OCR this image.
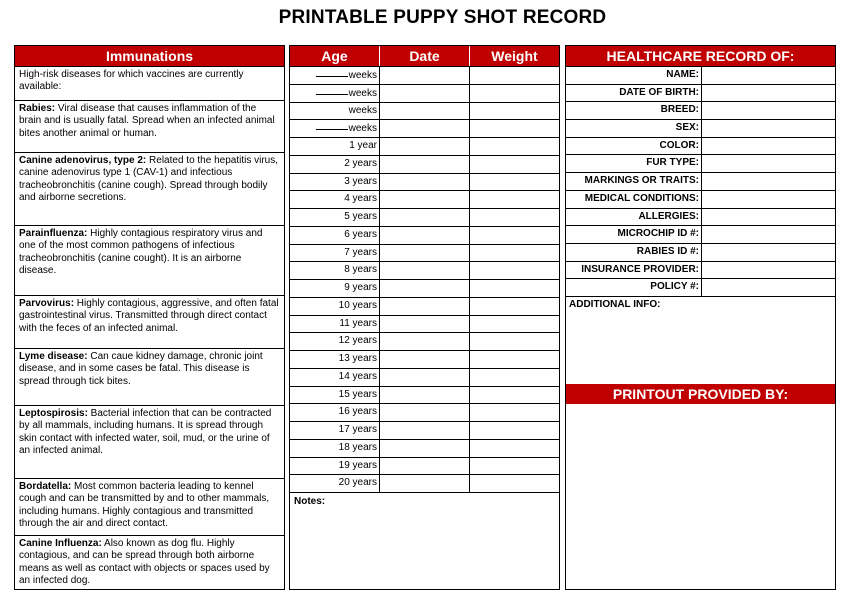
PRINTABLE PUPPY SHOT RECORD
Immunations
High-risk diseases for which vaccines are currently available:
Rabies: Viral disease that causes inflammation of the brain and is usually fatal. Spread when an infected animal bites another animal or human.
Canine adenovirus, type 2: Related to the hepatitis virus, canine adenovirus type 1 (CAV-1) and infectious tracheobronchitis (canine cough). Spread through bodily and airborne secretions.
Parainfluenza: Highly contagious respiratory virus and one of the most common pathogens of infectious tracheobronchitis (canine cought). It is an airborne disease.
Parvovirus: Highly contagious, aggressive, and often fatal gastrointestinal virus. Transmitted through direct contact with the feces of an infected animal.
Lyme disease: Can caue kidney damage, chronic joint disease, and in some cases be fatal. This disease is spread through tick bites.
Leptospirosis: Bacterial infection that can be contracted by all mammals, including humans. It is spread through skin contact with infected water, soil, mud, or the urine of an infected animal.
Bordatella: Most common bacteria leading to kennel cough and can be transmitted by and to other mammals, including humans. Highly contagious and transmitted through the air and direct contact.
Canine Influenza: Also known as dog flu. Highly contagious, and can be spread through both airborne means as well as contact with objects or spaces used by an infected dog.
Age	Date	Weight
weeks
weeks
weeks
weeks
1 year
2 years
3 years
4 years
5 years
6 years
7 years
8 years
9 years
10 years
11 years
12 years
13 years
14 years
15 years
16 years
17 years
18 years
19 years
20 years
Notes:
HEALTHCARE RECORD OF:
NAME:
DATE OF BIRTH:
BREED:
SEX:
COLOR:
FUR TYPE:
MARKINGS OR TRAITS:
MEDICAL CONDITIONS:
ALLERGIES:
MICROCHIP ID #:
RABIES ID #:
INSURANCE PROVIDER:
POLICY #:
ADDITIONAL INFO:
PRINTOUT PROVIDED BY:
